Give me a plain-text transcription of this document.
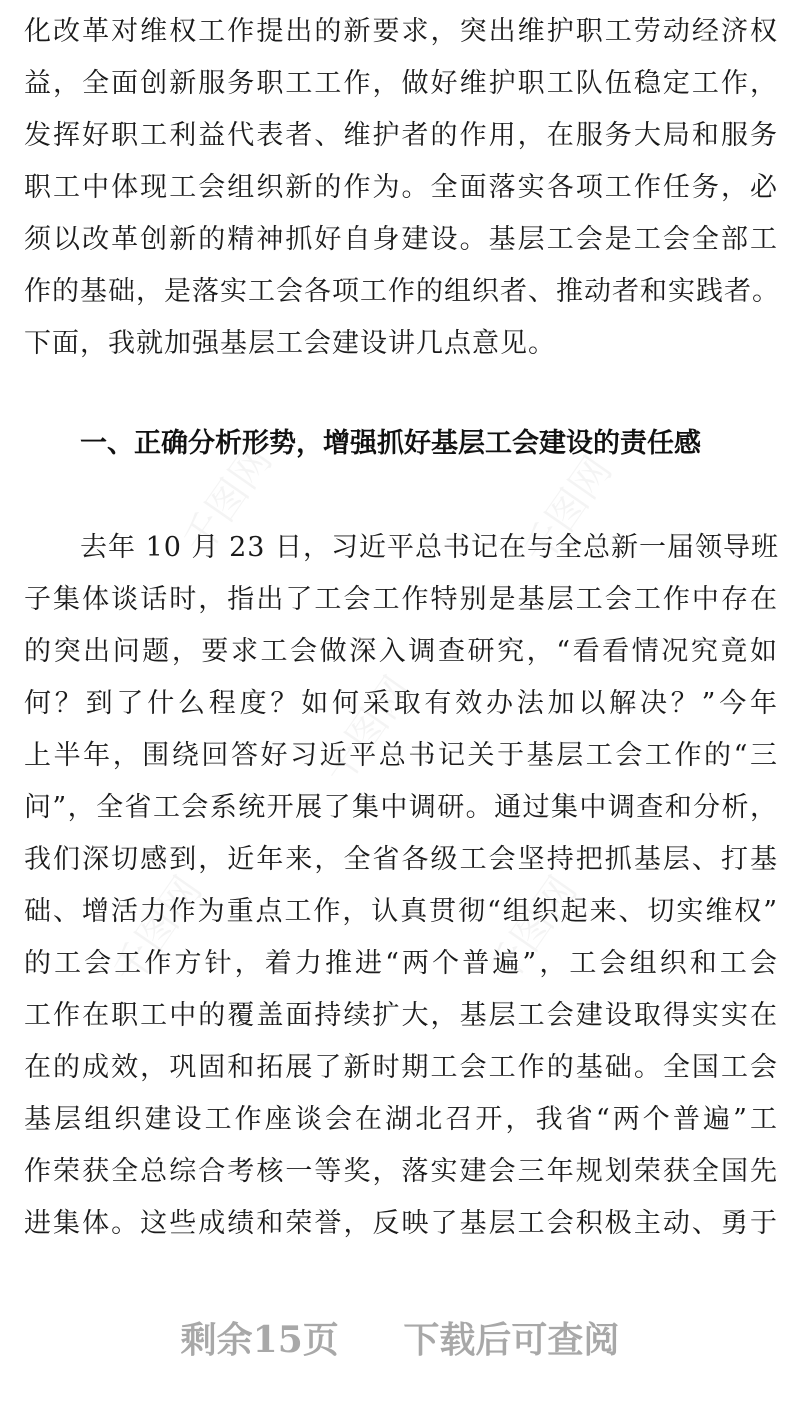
化改革对维权工作提出的新要求，突出维护职工劳动经济权
益，全面创新服务职工工作，做好维护职工队伍稳定工作，
发挥好职工利益代表者、维护者的作用，在服务大局和服务
职工中体现工会组织新的作为。全面落实各项工作任务，必
须以改革创新的精神抓好自身建设。基层工会是工会全部工
作的基础，是落实工会各项工作的组织者、推动者和实践者。
下面，我就加强基层工会建设讲几点意见。
一、正确分析形势，增强抓好基层工会建设的责任感
　　去年 10 月 23 日，习近平总书记在与全总新一届领导班
子集体谈话时，指出了工会工作特别是基层工会工作中存在
的突出问题，要求工会做深入调查研究，“看看情况究竟如
何？到了什么程度？如何采取有效办法加以解决？”今年
上半年，围绕回答好习近平总书记关于基层工会工作的“三
问”，全省工会系统开展了集中调研。通过集中调查和分析，
我们深切感到，近年来，全省各级工会坚持把抓基层、打基
础、增活力作为重点工作，认真贯彻“组织起来、切实维权”
的工会工作方针，着力推进“两个普遍”，工会组织和工会
工作在职工中的覆盖面持续扩大，基层工会建设取得实实在
在的成效，巩固和拓展了新时期工会工作的基础。全国工会
基层组织建设工作座谈会在湖北召开，我省“两个普遍”工
作荣获全总综合考核一等奖，落实建会三年规划荣获全国先
进集体。这些成绩和荣誉，反映了基层工会积极主动、勇于
剩余15页 下载后可查阅
